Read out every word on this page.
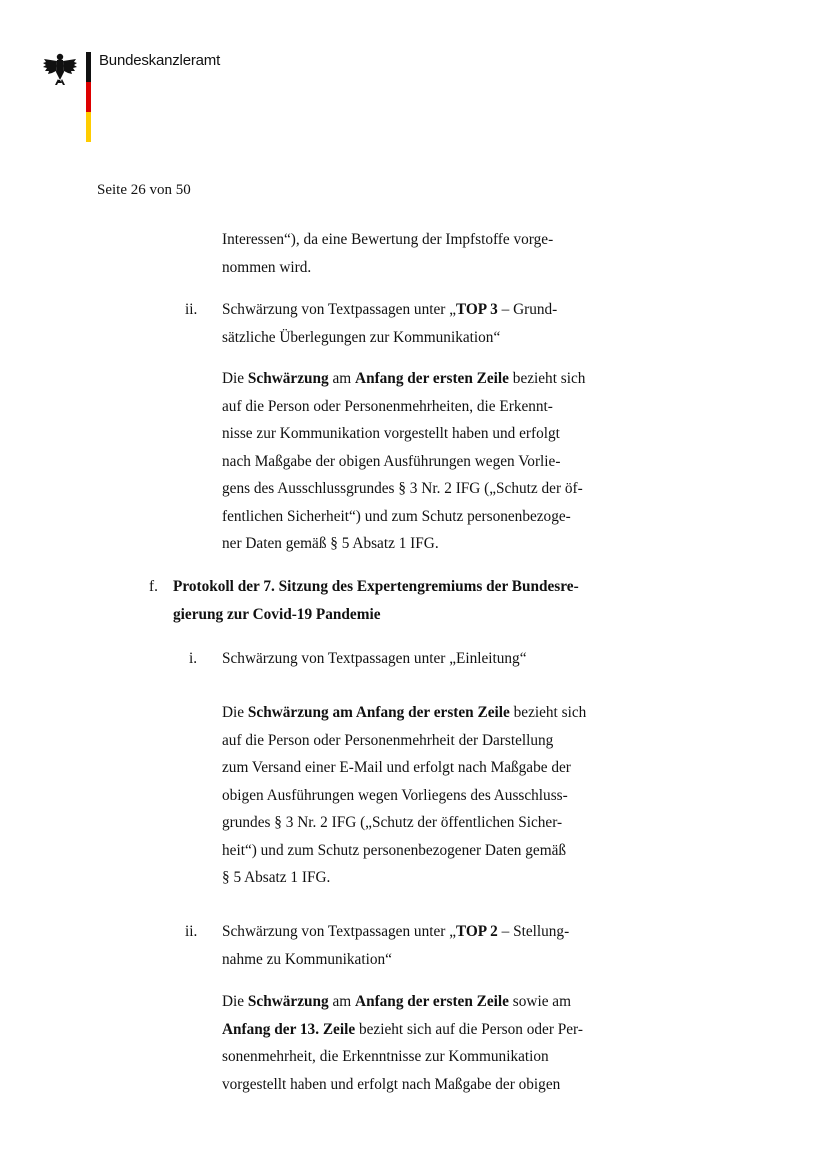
Bundeskanzleramt
Seite 26 von 50
Interessen“), da eine Bewertung der Impfstoffe vorge-
nommen wird.
ii. Schwärzung von Textpassagen unter „TOP 3 – Grund-
sätzliche Überlegungen zur Kommunikation“
Die Schwärzung am Anfang der ersten Zeile bezieht sich
auf die Person oder Personenmehrheiten, die Erkennt-
nisse zur Kommunikation vorgestellt haben und erfolgt
nach Maßgabe der obigen Ausführungen wegen Vorlie-
gens des Ausschlussgrundes § 3 Nr. 2 IFG („Schutz der öf-
fentlichen Sicherheit“) und zum Schutz personenbezoge-
ner Daten gemäß § 5 Absatz 1 IFG.
f. Protokoll der 7. Sitzung des Expertengremiums der Bundesre-
gierung zur Covid-19 Pandemie
i. Schwärzung von Textpassagen unter „Einleitung“
Die Schwärzung am Anfang der ersten Zeile bezieht sich
auf die Person oder Personenmehrheit der Darstellung
zum Versand einer E-Mail und erfolgt nach Maßgabe der
obigen Ausführungen wegen Vorliegens des Ausschluss-
grundes § 3 Nr. 2 IFG („Schutz der öffentlichen Sicher-
heit“) und zum Schutz personenbezogener Daten gemäß
§ 5 Absatz 1 IFG.
ii. Schwärzung von Textpassagen unter „TOP 2 – Stellung-
nahme zu Kommunikation“
Die Schwärzung am Anfang der ersten Zeile sowie am
Anfang der 13. Zeile bezieht sich auf die Person oder Per-
sonenmehrheit, die Erkenntnisse zur Kommunikation
vorgestellt haben und erfolgt nach Maßgabe der obigen
